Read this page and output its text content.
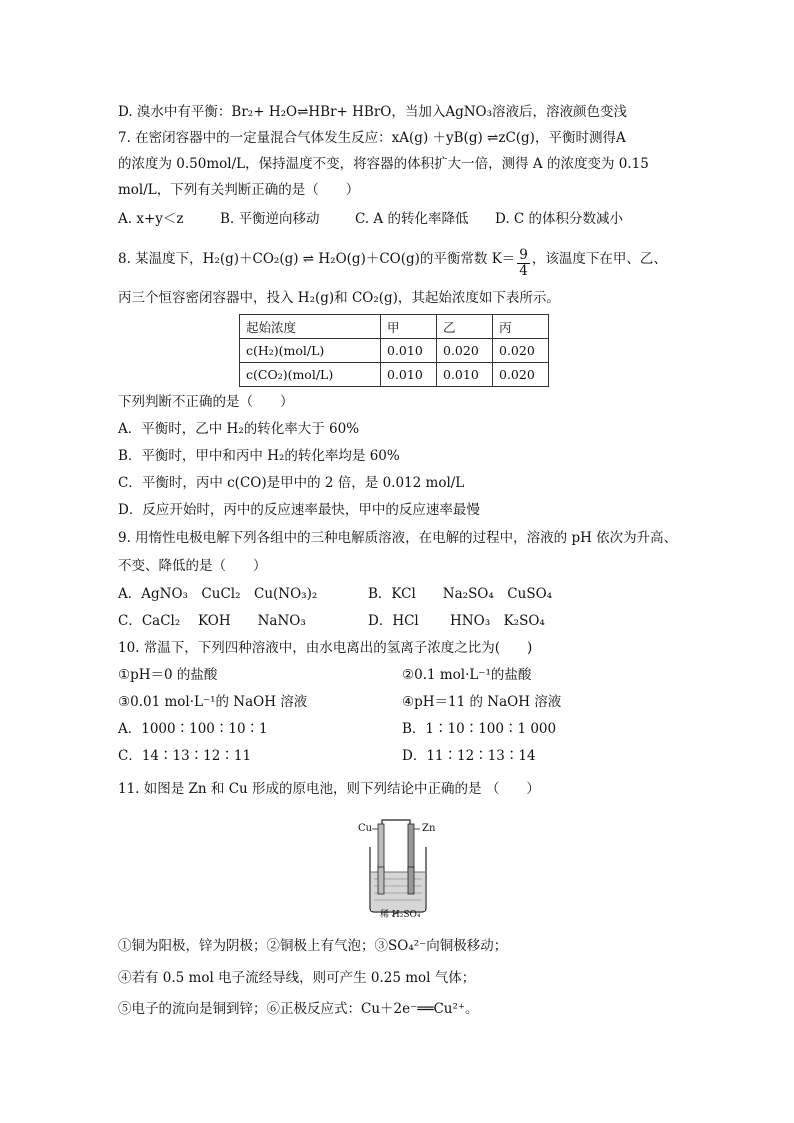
D. 溴水中有平衡：Br₂+ H₂O⇌HBr+ HBrO，当加入AgNO₃溶液后，溶液颜色变浅
7. 在密闭容器中的一定量混合气体发生反应：xA(g) ＋yB(g) ⇌zC(g)，平衡时测得A
的浓度为 0.50mol/L，保持温度不变，将容器的体积扩大一倍，测得 A 的浓度变为 0.15
mol/L，下列有关判断正确的是（　　）
A. x+y＜z	B. 平衡逆向移动	C. A 的转化率降低 D. C 的体积分数减小
8. 某温度下，H₂(g)＋CO₂(g) ⇌ H₂O(g)＋CO(g)的平衡常数 $K= \frac{9}{4}$ ，该温度下在甲、乙、
丙三个恒容密闭容器中，投入 H₂(g)和 CO₂(g)，其起始浓度如下表所示。
起始浓度	甲	乙	丙
c(H₂)(mol/L)	0.010	0.020	0.020
c(CO₂)(mol/L)	0.010	0.010	0.020
下列判断不正确的是（　　）
A．平衡时，乙中 H₂的转化率大于 60%
B．平衡时，甲中和丙中 H₂的转化率均是 60%
C．平衡时，丙中 c(CO)是甲中的 2 倍，是 0.012 mol/L
D．反应开始时，丙中的反应速率最快，甲中的反应速率最慢
9. 用惰性电极电解下列各组中的三种电解质溶液，在电解的过程中，溶液的 pH 依次为升高、
不变、降低的是（　　）
A．AgNO₃　CuCl₂　Cu(NO₃)₂	B．KCl　　Na₂SO₄　CuSO₄
C．CaCl₂　 KOH　　NaNO₃	D．HCl　　 HNO₃　K₂SO₄
10. 常温下，下列四种溶液中，由水电离出的氢离子浓度之比为(　　)
①pH＝0 的盐酸	②0.1 mol·L⁻¹的盐酸
③0.01 mol·L⁻¹的 NaOH 溶液	④pH＝11 的 NaOH 溶液
A．1000∶100∶10∶1	B．1∶10∶100∶1 000
C．14∶13∶12∶11	D．11∶12∶13∶14
11. 如图是 Zn 和 Cu 形成的原电池，则下列结论中正确的是 （　　）
Cu	Zn
稀 H₂SO₄
①铜为阳极，锌为阴极；②铜极上有气泡；③SO₄²⁻向铜极移动；
④若有 0.5 mol 电子流经导线，则可产生 0.25 mol 气体；
⑤电子的流向是铜到锌；⑥正极反应式：Cu＋2e⁻══Cu²⁺。
